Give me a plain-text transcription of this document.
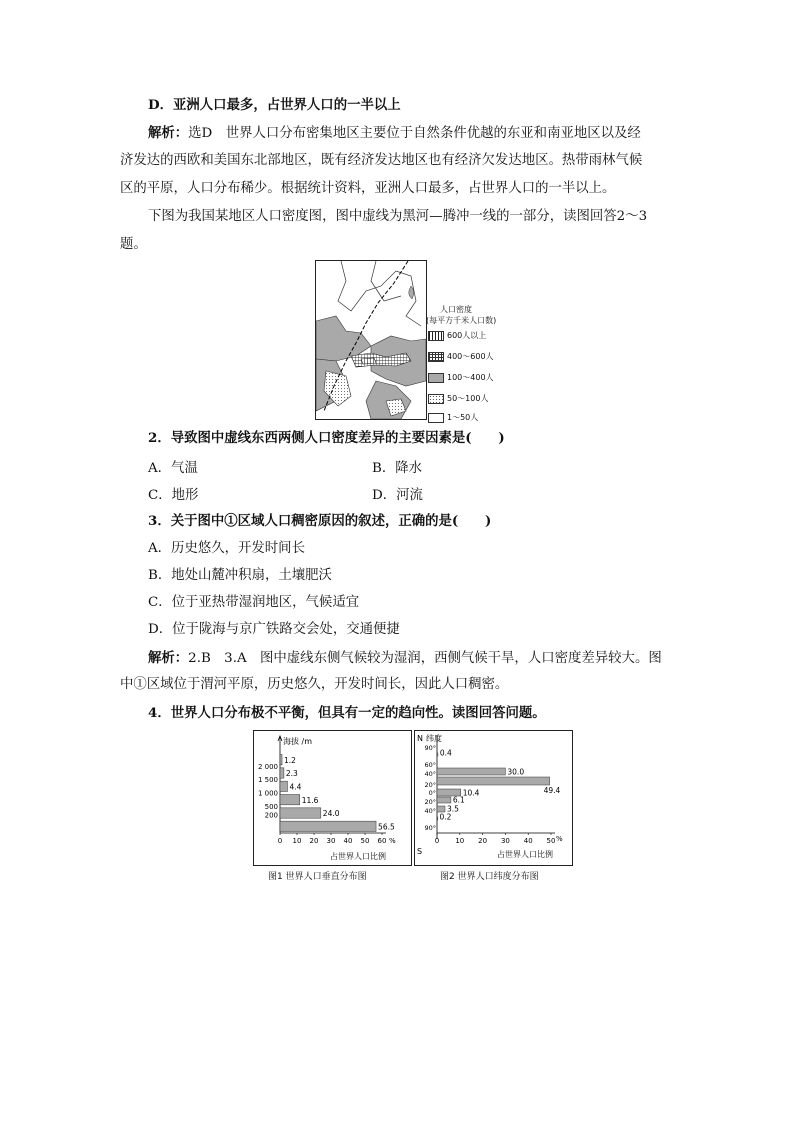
D．亚洲人口最多，占世界人口的一半以上
解析：选D　 世界人口分布密集地区主要位于自然条件优越的东亚和南亚地区以及经
济发达的西欧和美国东北部地区，既有经济发达地区也有经济欠发达地区。热带雨林气候
区的平原，人口分布稀少。根据统计资料，亚洲人口最多，占世界人口的一半以上。
下图为我国某地区人口密度图，图中虚线为黑河—腾冲一线的一部分，读图回答2～3
题。
人口密度
(每平方千米人口数)
600人以上
400～600人
100～400人
50～100人
1～50人
2．导致图中虚线东西两侧人口密度差异的主要因素是(　　)
A．气温	B．降水
C．地形	D．河流
3．关于图中①区域人口稠密原因的叙述，正确的是(　　)
A．历史悠久，开发时间长
B．地处山麓冲积扇，土壤肥沃
C．位于亚热带湿润地区，气候适宜
D．位于陇海与京广铁路交会处，交通便捷
解析：2.B　3.A　图中虚线东侧气候较为湿润，西侧气候干旱，人口密度差异较大。图
中①区域位于渭河平原，历史悠久，开发时间长，因此人口稠密。
4．世界人口分布极不平衡，但具有一定的趋向性。读图回答问题。
海拔 /m
1.2
2.3
4.4
11.6
24.0
56.5
2 000
1 500
1 000
500
200
0 10 20 30 40 50 60 %
占世界人口比例
图1 世界人口垂直分布图
N 纬度
S
90°
60°
40°
20°
0°
20°
40°
90°
0.4
30.0
49.4
10.4
6.1
3.5
0.2
0 10 20 30 40 50 %
占世界人口比例
图2 世界人口纬度分布图
